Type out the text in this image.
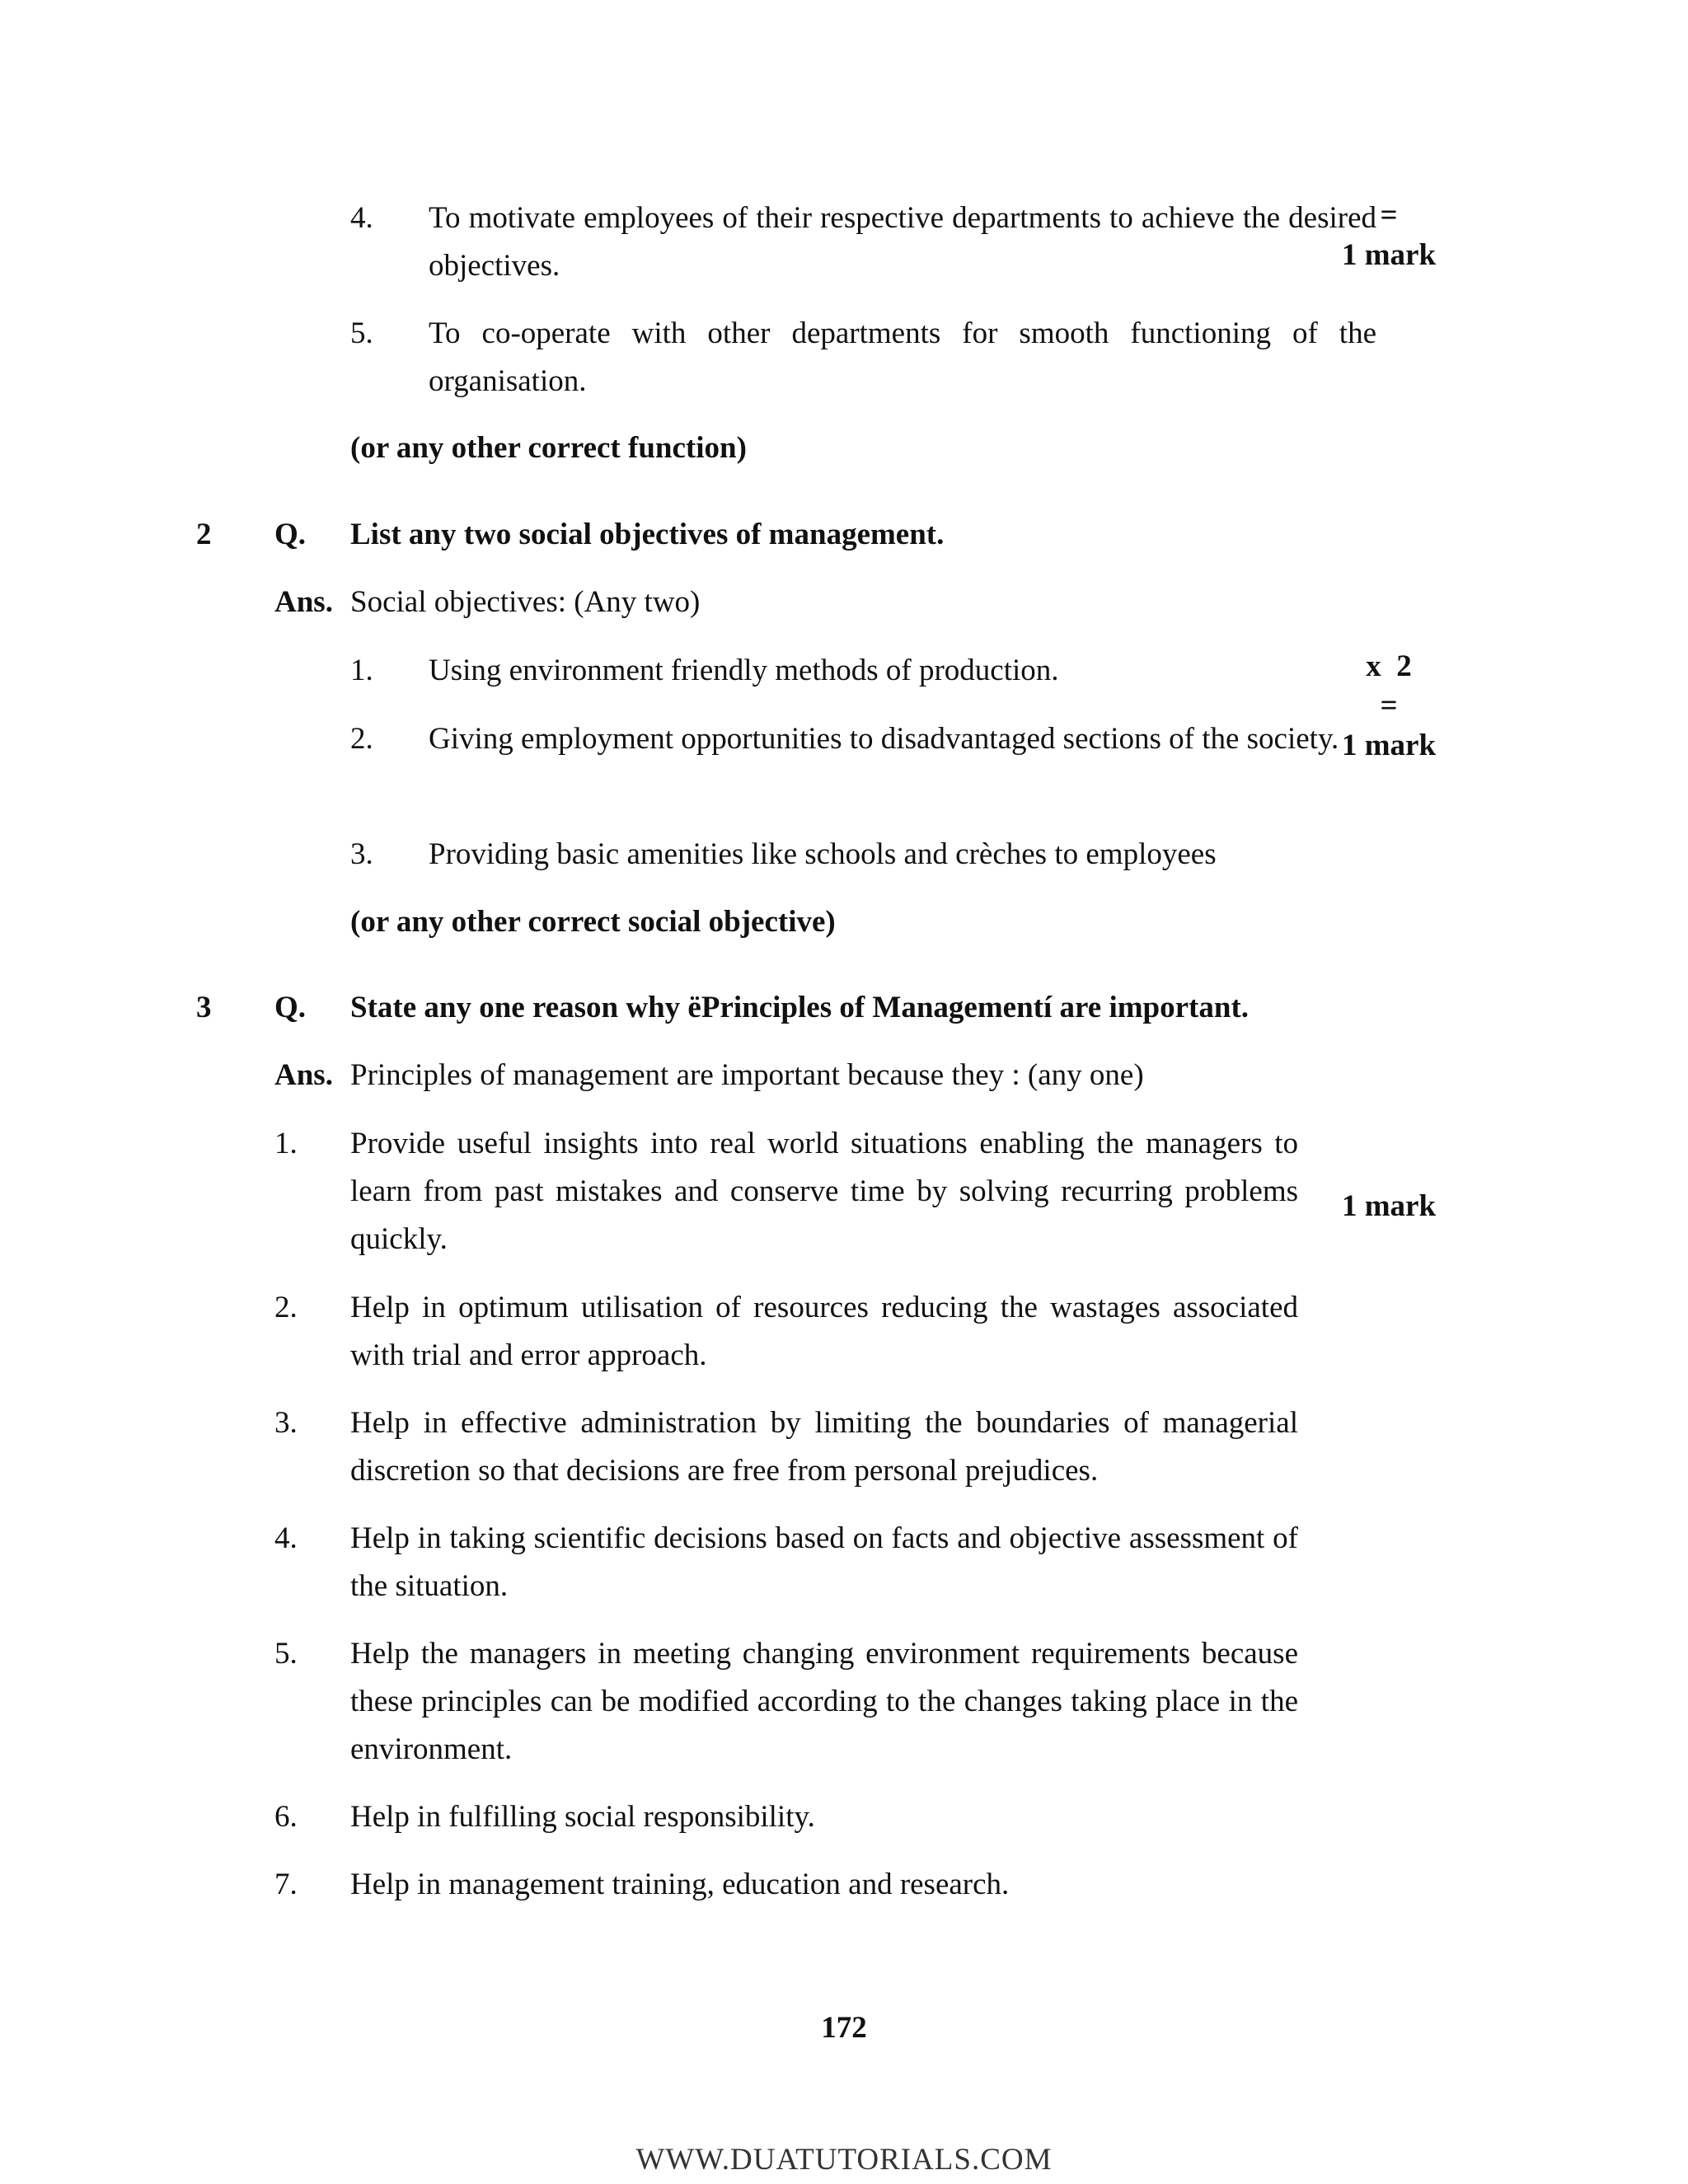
4.	To motivate employees of their respective departments to achieve the desired objectives.
5.	To co-operate with other departments for smooth functioning of the organisation.
(or any other correct function)
=
1 mark
2 Q. List any two social objectives of management.
Ans. Social objectives: (Any two)
1.	Using environment friendly methods of production.
2.	Giving employment opportunities to disadvantaged sections of the society.
3.	Providing basic amenities like schools and crèches to employees
(or any other correct social objective)
x  2
=
1 mark
3 Q. State any one reason why ëPrinciples of Managementí are important.
Ans. Principles of management are important because they : (any one)
1.	Provide useful insights into real world situations enabling the managers to learn from past mistakes and conserve time by solving recurring problems quickly.
2.	Help in optimum utilisation of resources reducing the wastages associated with trial and error approach.
3.	Help in effective administration by limiting the boundaries of managerial discretion so that decisions are free from personal prejudices.
4.	Help in taking scientific decisions based on facts and objective assessment of the situation.
5.	Help the managers in meeting changing environment requirements because these principles can be modified according to the changes taking place in the environment.
6.	Help in fulfilling social responsibility.
7.	Help in management training, education and research.
1 mark
172
WWW.DUATUTORIALS.COM
